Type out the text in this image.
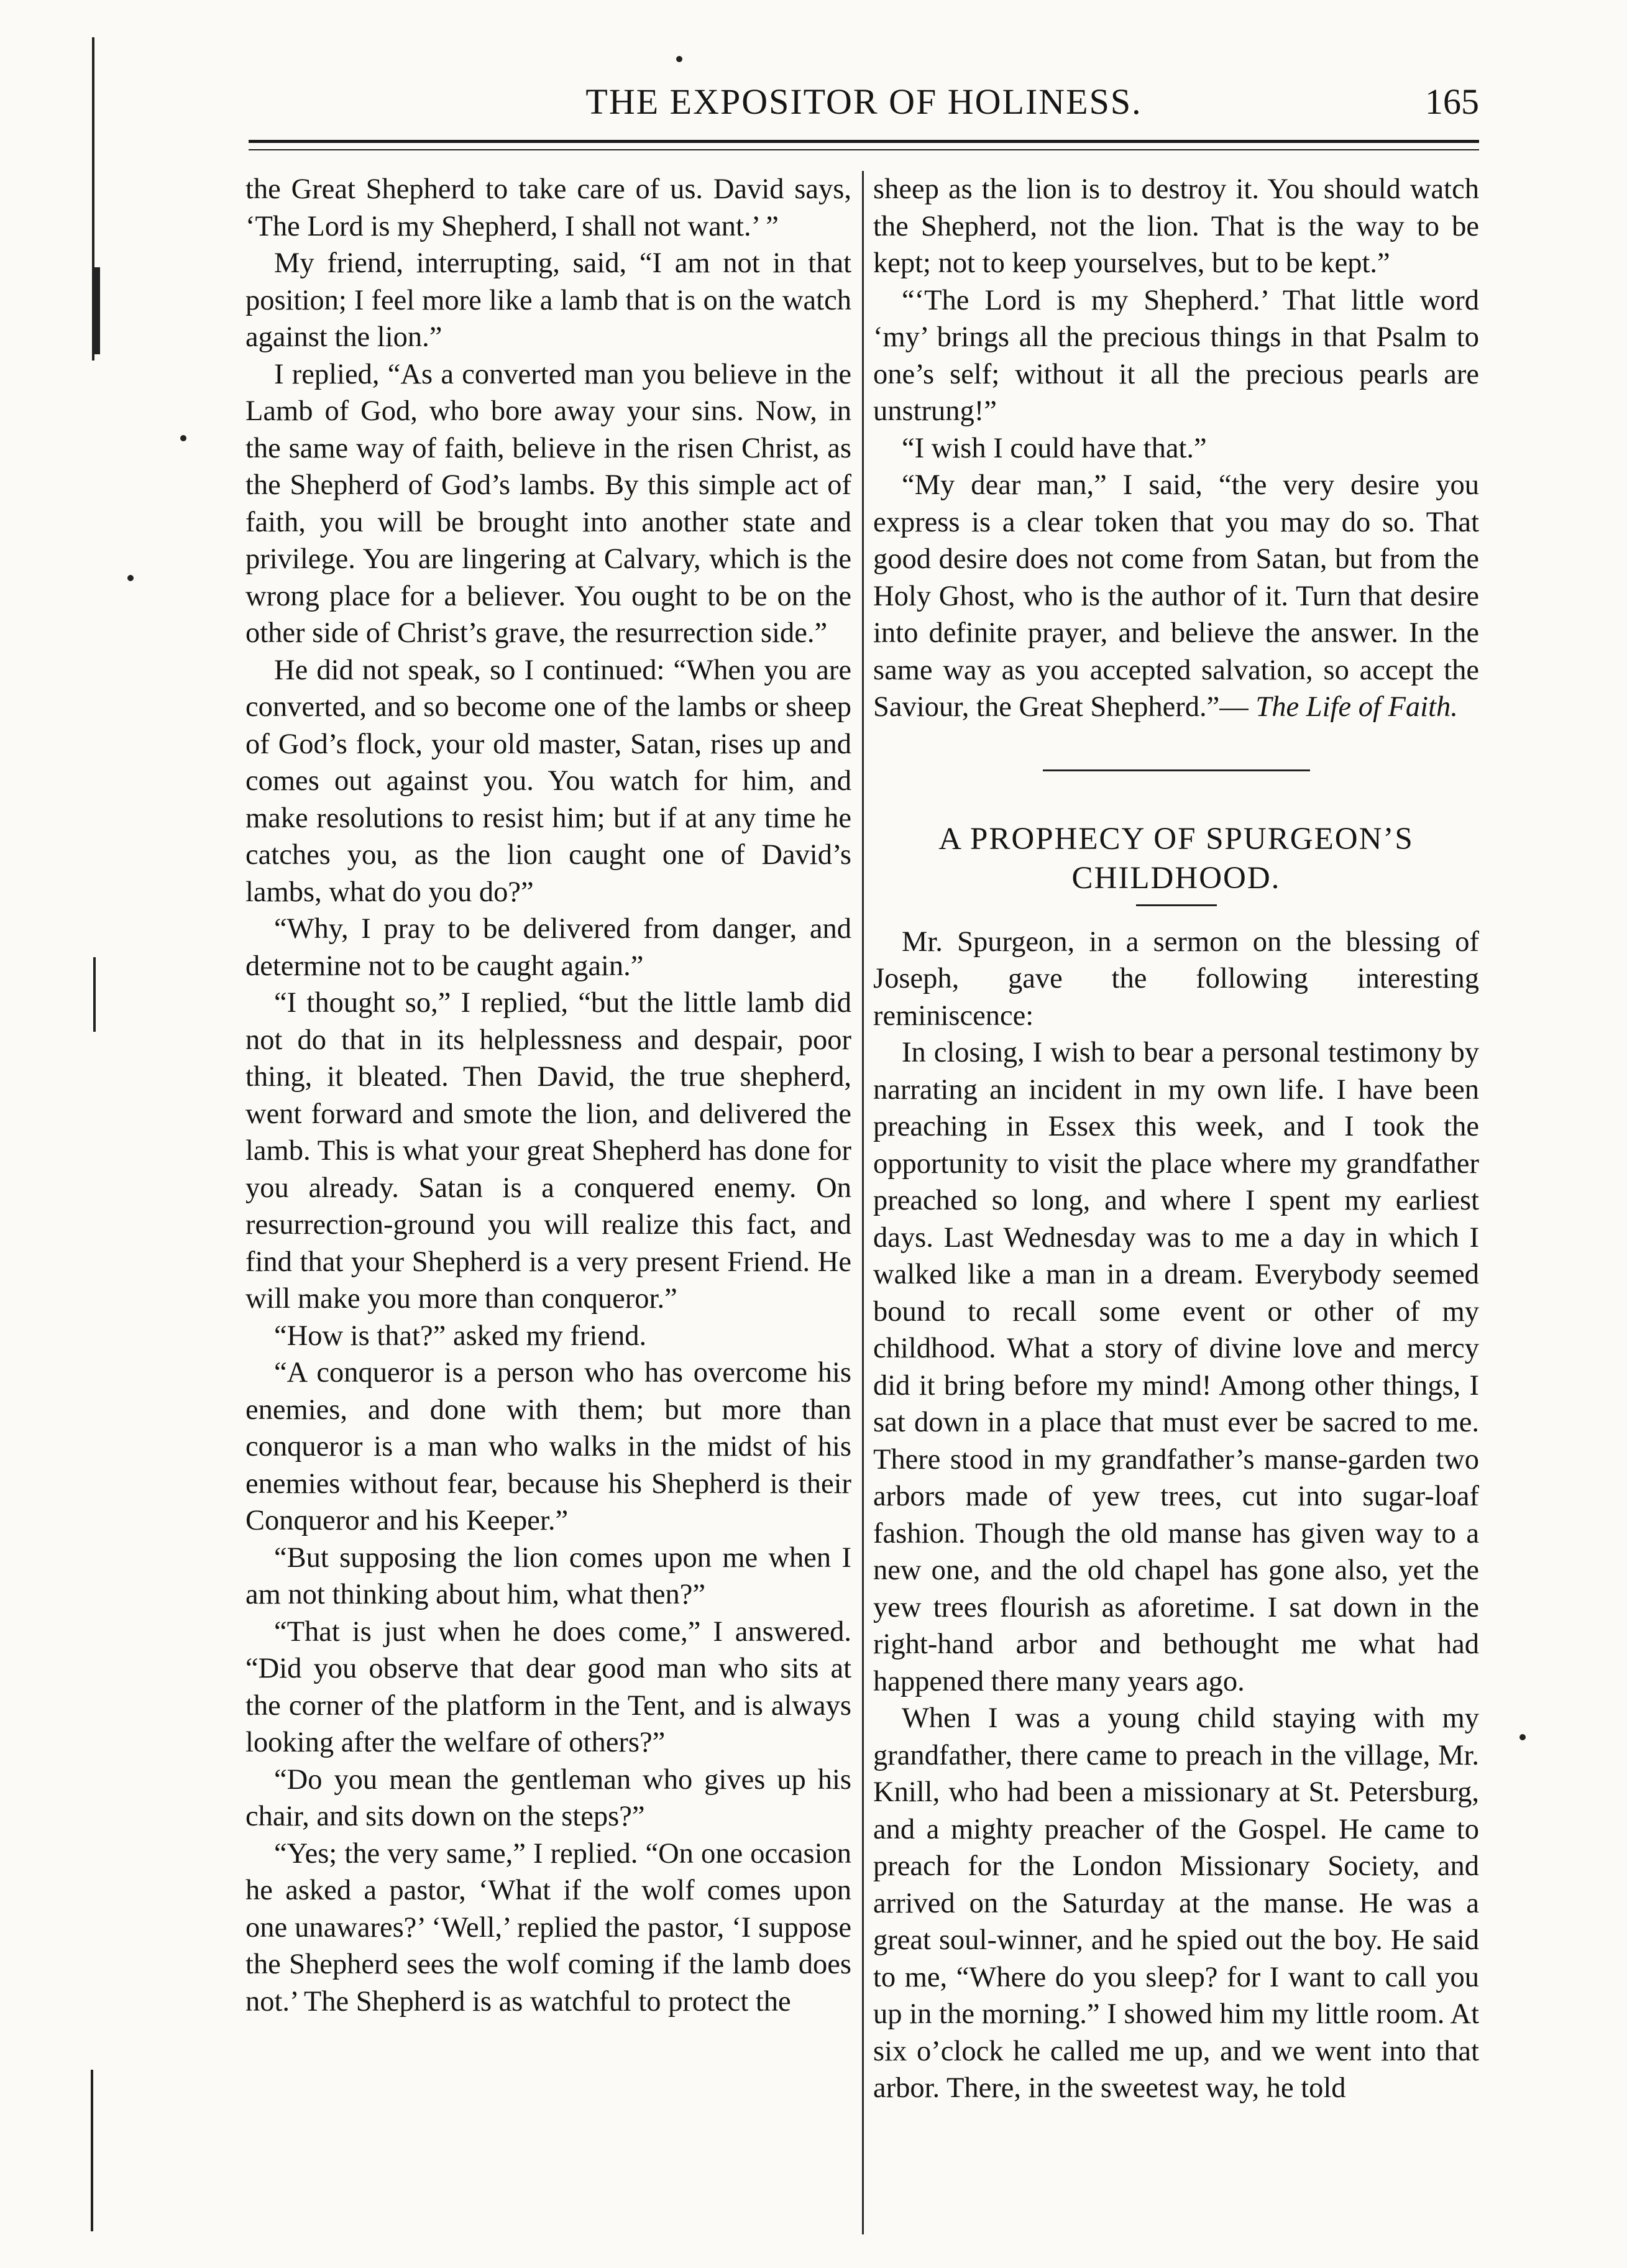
THE EXPOSITOR OF HOLINESS.	165

the Great Shepherd to take care of us. David says, ‘The Lord is my Shepherd, I shall not want.’ ”

My friend, interrupting, said, “I am not in that position; I feel more like a lamb that is on the watch against the lion.”

I replied, “As a converted man you believe in the Lamb of God, who bore away your sins. Now, in the same way of faith, believe in the risen Christ, as the Shepherd of God’s lambs. By this simple act of faith, you will be brought into another state and privilege. You are lingering at Calvary, which is the wrong place for a believer. You ought to be on the other side of Christ’s grave, the resurrection side.”

He did not speak, so I continued: “When you are converted, and so become one of the lambs or sheep of God’s flock, your old master, Satan, rises up and comes out against you. You watch for him, and make resolutions to resist him; but if at any time he catches you, as the lion caught one of David’s lambs, what do you do?”

“Why, I pray to be delivered from danger, and determine not to be caught again.”

“I thought so,” I replied, “but the little lamb did not do that in its helplessness and despair, poor thing, it bleated. Then David, the true shepherd, went forward and smote the lion, and delivered the lamb. This is what your great Shepherd has done for you already. Satan is a conquered enemy. On resurrection-ground you will realize this fact, and find that your Shepherd is a very present Friend. He will make you more than conqueror.”

“How is that?” asked my friend.

“A conqueror is a person who has overcome his enemies, and done with them; but more than conqueror is a man who walks in the midst of his enemies without fear, because his Shepherd is their Conqueror and his Keeper.”

“But supposing the lion comes upon me when I am not thinking about him, what then?”

“That is just when he does come,” I answered. “Did you observe that dear good man who sits at the corner of the platform in the Tent, and is always looking after the welfare of others?”

“Do you mean the gentleman who gives up his chair, and sits down on the steps?”

“Yes; the very same,” I replied. “On one occasion he asked a pastor, ‘What if the wolf comes upon one unawares?’ ‘Well,’ replied the pastor, ‘I suppose the Shepherd sees the wolf coming if the lamb does not.’ The Shepherd is as watchful to protect the

sheep as the lion is to destroy it. You should watch the Shepherd, not the lion. That is the way to be kept; not to keep yourselves, but to be kept.”

“‘The Lord is my Shepherd.’ That little word ‘my’ brings all the precious things in that Psalm to one’s self; without it all the precious pearls are unstrung!”

“I wish I could have that.”

“My dear man,” I said, “the very desire you express is a clear token that you may do so. That good desire does not come from Satan, but from the Holy Ghost, who is the author of it. Turn that desire into definite prayer, and believe the answer. In the same way as you accepted salvation, so accept the Saviour, the Great Shepherd.”— The Life of Faith.

A PROPHECY OF SPURGEON’S
CHILDHOOD.

Mr. Spurgeon, in a sermon on the blessing of Joseph, gave the following interesting reminiscence:

In closing, I wish to bear a personal testimony by narrating an incident in my own life. I have been preaching in Essex this week, and I took the opportunity to visit the place where my grandfather preached so long, and where I spent my earliest days. Last Wednesday was to me a day in which I walked like a man in a dream. Everybody seemed bound to recall some event or other of my childhood. What a story of divine love and mercy did it bring before my mind! Among other things, I sat down in a place that must ever be sacred to me. There stood in my grandfather’s manse-garden two arbors made of yew trees, cut into sugar-loaf fashion. Though the old manse has given way to a new one, and the old chapel has gone also, yet the yew trees flourish as aforetime. I sat down in the right-hand arbor and bethought me what had happened there many years ago.

When I was a young child staying with my grandfather, there came to preach in the village, Mr. Knill, who had been a missionary at St. Petersburg, and a mighty preacher of the Gospel. He came to preach for the London Missionary Society, and arrived on the Saturday at the manse. He was a great soul-winner, and he spied out the boy. He said to me, “Where do you sleep? for I want to call you up in the morning.” I showed him my little room. At six o’clock he called me up, and we went into that arbor. There, in the sweetest way, he told
